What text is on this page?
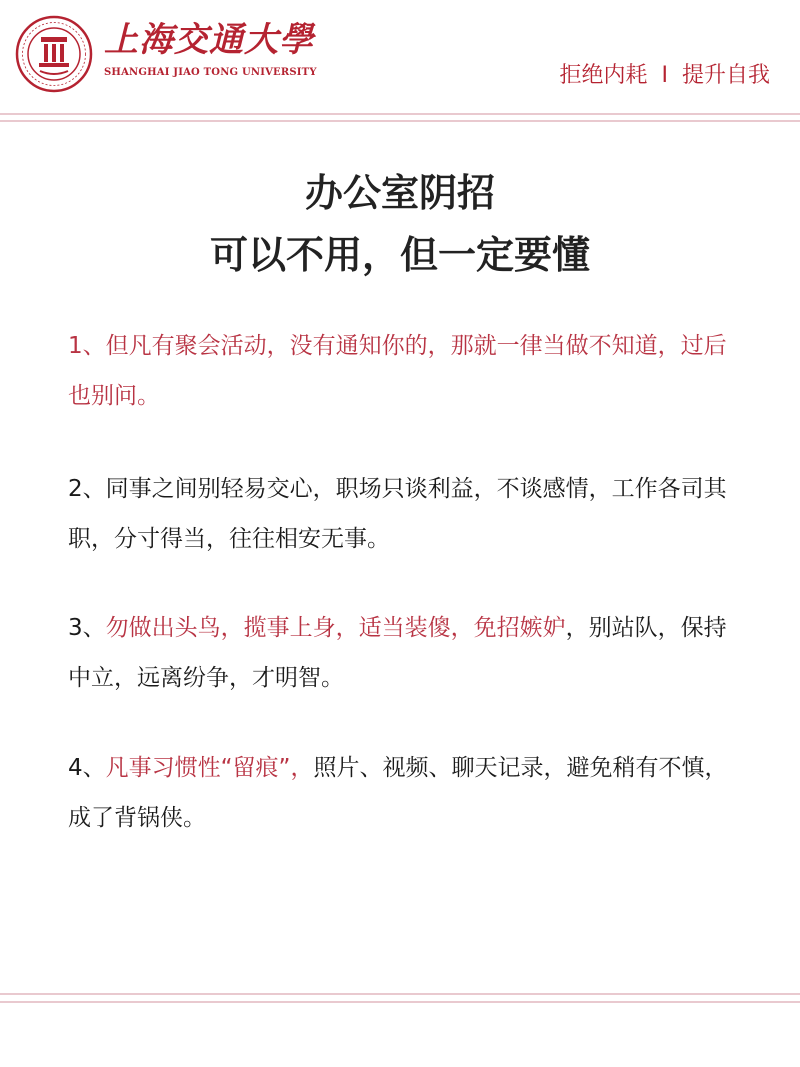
上海交通大學
SHANGHAI JIAO TONG UNIVERSITY	拒绝内耗 I 提升自我
办公室阴招
可以不用，但一定要懂
1、但凡有聚会活动，没有通知你的，那就一律当做不知道，过后也别问。
2、同事之间别轻易交心，职场只谈利益，不谈感情，工作各司其职，分寸得当，往往相安无事。
3、勿做出头鸟，揽事上身，适当装傻，免招嫉妒，别站队，保持中立，远离纷争，才明智。
4、凡事习惯性“留痕”，照片、视频、聊天记录，避免稍有不慎，成了背锅侠。
